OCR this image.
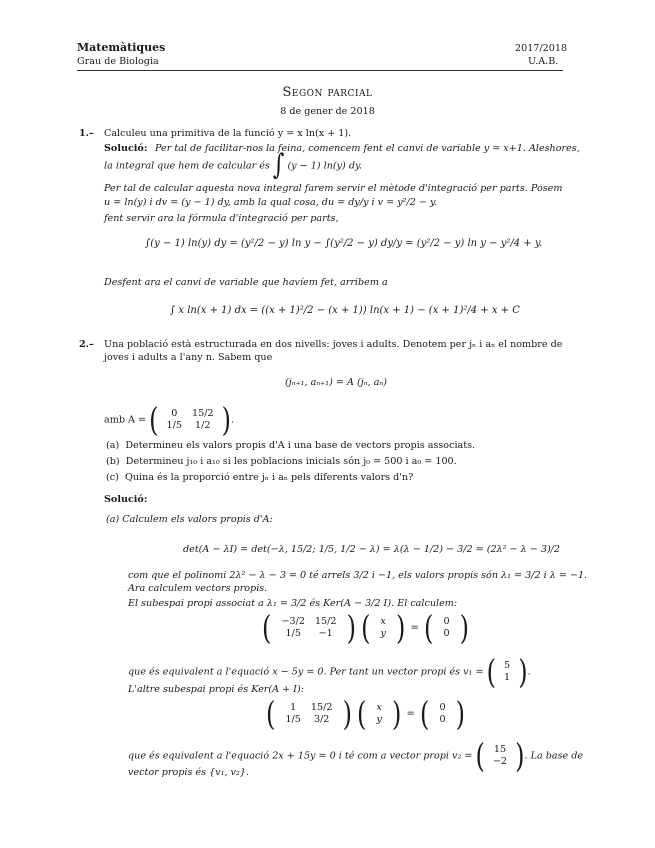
Matemàtiques	2017/2018
Grau de Biologia	U.A.B.
Segon parcial
8 de gener de 2018
1.– Calculeu una primitiva de la funció y = x ln(x + 1).
Solució: Per tal de facilitar-nos la feina, comencem fent el canvi de variable y = x+1. Aleshores,
la integral que hem de calcular és ∫ (y − 1) ln(y) dy.
Per tal de calcular aquesta nova integral farem servir el mètode d'integració per parts. Posem
u = ln(y) i dv = (y − 1) dy, amb la qual cosa, du = dy/y i v = y²/2 − y.
fent servir ara la fórmula d'integració per parts,
∫(y − 1) ln(y) dy = (y²/2 − y) ln y − ∫(y²/2 − y) dy/y = (y²/2 − y) ln y − y²/4 + y.
Desfent ara el canvi de variable que havíem fet, arribem a
∫ x ln(x + 1) dx = ((x + 1)²/2 − (x + 1)) ln(x + 1) − (x + 1)²/4 + x + C
2.– Una població està estructurada en dos nivells: joves i adults. Denotem per jₙ i aₙ el nombre de
joves i adults a l'any n. Sabem que
(jₙ₊₁, aₙ₊₁) = A (jₙ, aₙ)
amb A = ( 0	15/2
1/5	1/2 ).
(a) Determineu els valors propis d'A i una base de vectors propis associats.
(b) Determineu j₁₀ i a₁₀ si les poblacions inicials són j₀ = 500 i a₀ = 100.
(c) Quina és la proporció entre jₙ i aₙ pels diferents valors d'n?
Solució:
(a) Calculem els valors propis d'A:
det(A − λI) = det(−λ, 15/2; 1/5, 1/2 − λ) = λ(λ − 1/2) − 3/2 = (2λ² − λ − 3)/2
com que el polinomi 2λ² − λ − 3 = 0 té arrels 3/2 i −1, els valors propis són λ₁ = 3/2 i λ = −1.
Ara calculem vectors propis.
El subespai propi associat a λ₁ = 3/2 és Ker(A − 3/2 I). El calculem:
( −3/2	15/2
1/5	−1 ) ( x
y ) = ( 0
0 )
que és equivalent a l'equació x − 5y = 0. Per tant un vector propi és v₁ = ( 5
1 ).
L'altre subespai propi és Ker(A + I):
( 1	15/2
1/5	3/2 ) ( x
y ) = ( 0
0 )
que és equivalent a l'equació 2x + 15y = 0 i té com a vector propi v₂ = ( 15
−2 ). La base de
vector propis és {v₁, v₂}.
